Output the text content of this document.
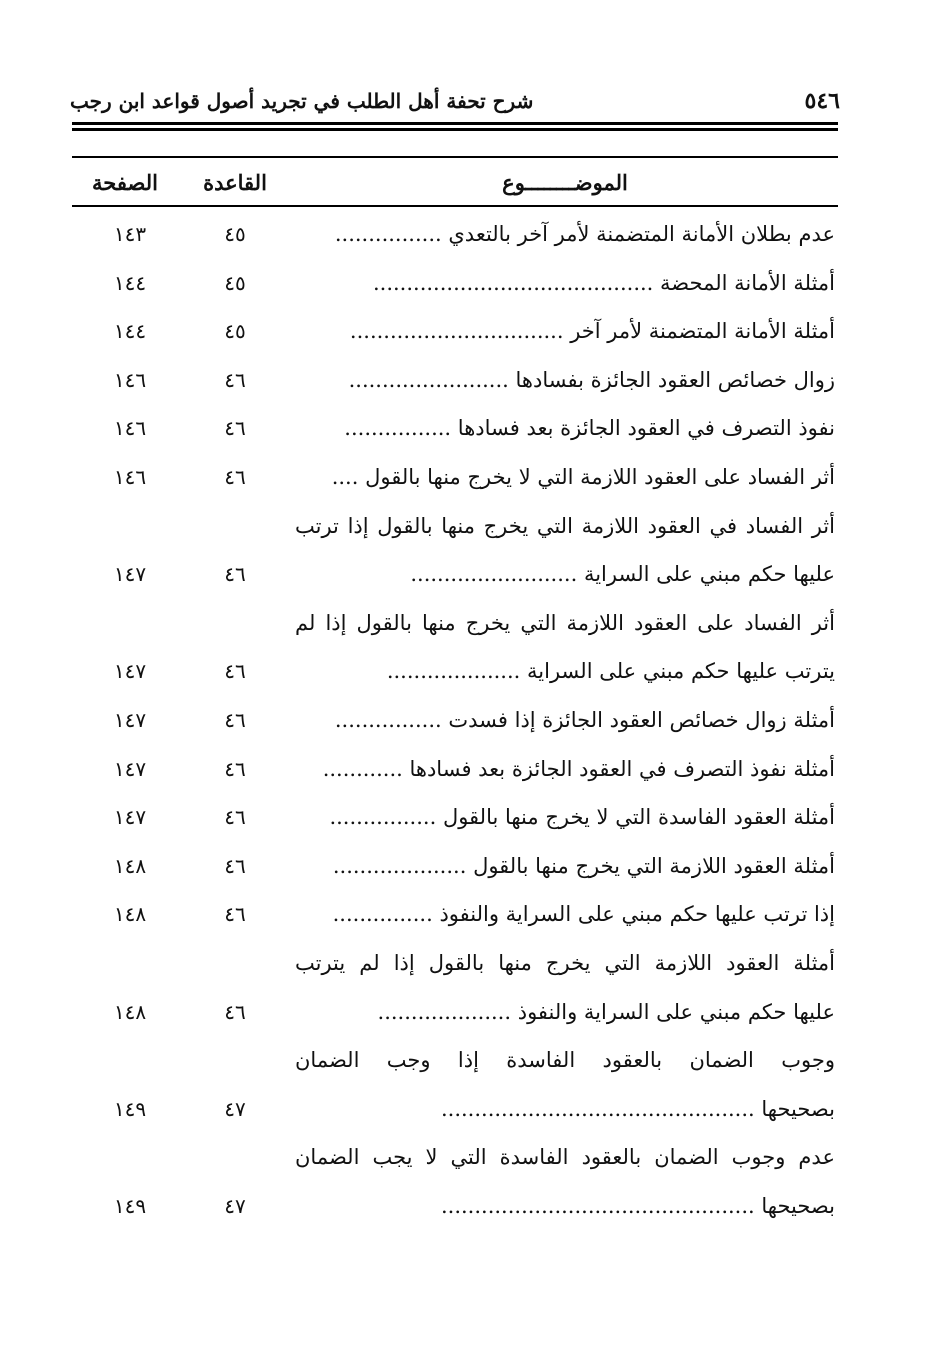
شرح تحفة أهل الطلب في تجريد أصول قواعد ابن رجب	٥٤٦
الموضــــــــوع
القاعدة
الصفحة
عدم بطلان الأمانة المتضمنة لأمر آخر بالتعدي ................
٤٥
١٤٣
أمثلة الأمانة المحضة ..........................................
٤٥
١٤٤
أمثلة الأمانة المتضمنة لأمر آخر ................................
٤٥
١٤٤
زوال خصائص العقود الجائزة بفسادها ........................
٤٦
١٤٦
نفوذ التصرف في العقود الجائزة بعد فسادها ................
٤٦
١٤٦
أثر الفساد على العقود اللازمة التي لا يخرج منها بالقول ....
٤٦
١٤٦
أثر الفساد في العقود اللازمة التي يخرج منها بالقول إذا ترتب
عليها حكم مبني على السراية .........................
٤٦
١٤٧
أثر الفساد على العقود اللازمة التي يخرج منها بالقول إذا لم
يترتب عليها حكم مبني على السراية ....................
٤٦
١٤٧
أمثلة زوال خصائص العقود الجائزة إذا فسدت ................
٤٦
١٤٧
أمثلة نفوذ التصرف في العقود الجائزة بعد فسادها ............
٤٦
١٤٧
أمثلة العقود الفاسدة التي لا يخرج منها بالقول ................
٤٦
١٤٧
أمثلة العقود اللازمة التي يخرج منها بالقول ....................
٤٦
١٤٨
إذا ترتب عليها حكم مبني على السراية والنفوذ ...............
٤٦
١٤٨
أمثلة العقود اللازمة التي يخرج منها بالقول إذا لم يترتب
عليها حكم مبني على السراية والنفوذ ....................
٤٦
١٤٨
وجوب الضمان بالعقود الفاسدة إذا وجب الضمان
بصحيحها ...............................................
٤٧
١٤٩
عدم وجوب الضمان بالعقود الفاسدة التي لا يجب الضمان
بصحيحها ...............................................
٤٧
١٤٩
